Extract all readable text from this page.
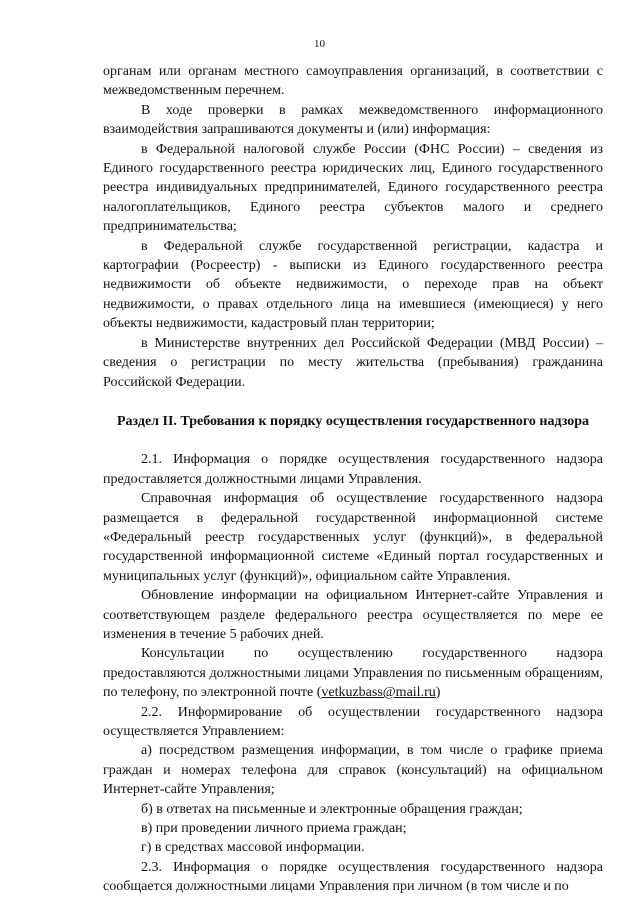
10

органам или органам местного самоуправления организаций, в соответствии с межведомственным перечнем.

В ходе проверки в рамках межведомственного информационного взаимодействия запрашиваются документы и (или) информация:

в Федеральной налоговой службе России (ФНС России) – сведения из Единого государственного реестра юридических лиц, Единого государственного реестра индивидуальных предпринимателей, Единого государственного реестра налогоплательщиков, Единого реестра субъектов малого и среднего предпринимательства;

в Федеральной службе государственной регистрации, кадастра и картографии (Росреестр) - выписки из Единого государственного реестра недвижимости об объекте недвижимости, о переходе прав на объект недвижимости, о правах отдельного лица на имевшиеся (имеющиеся) у него объекты недвижимости, кадастровый план территории;

в Министерстве внутренних дел Российской Федерации (МВД России) – сведения о регистрации по месту жительства (пребывания) гражданина Российской Федерации.

Раздел II. Требования к порядку осуществления государственного надзора

2.1. Информация о порядке осуществления государственного надзора предоставляется должностными лицами Управления.

Справочная информация об осуществление государственного надзора размещается в федеральной государственной информационной системе «Федеральный реестр государственных услуг (функций)», в федеральной государственной информационной системе «Единый портал государственных и муниципальных услуг (функций)», официальном сайте Управления.

Обновление информации на официальном Интернет-сайте Управления и соответствующем разделе федерального реестра осуществляется по мере ее изменения в течение 5 рабочих дней.

Консультации по осуществлению государственного надзора предоставляются должностными лицами Управления по письменным обращениям, по телефону, по электронной почте (vetkuzbass@mail.ru)

2.2. Информирование об осуществлении государственного надзора осуществляется Управлением:

а) посредством размещения информации, в том числе о графике приема граждан и номерах телефона для справок (консультаций) на официальном Интернет-сайте Управления;

б) в ответах на письменные и электронные обращения граждан;

в) при проведении личного приема граждан;

г) в средствах массовой информации.

2.3. Информация о порядке осуществления государственного надзора сообщается должностными лицами Управления при личном (в том числе и по
